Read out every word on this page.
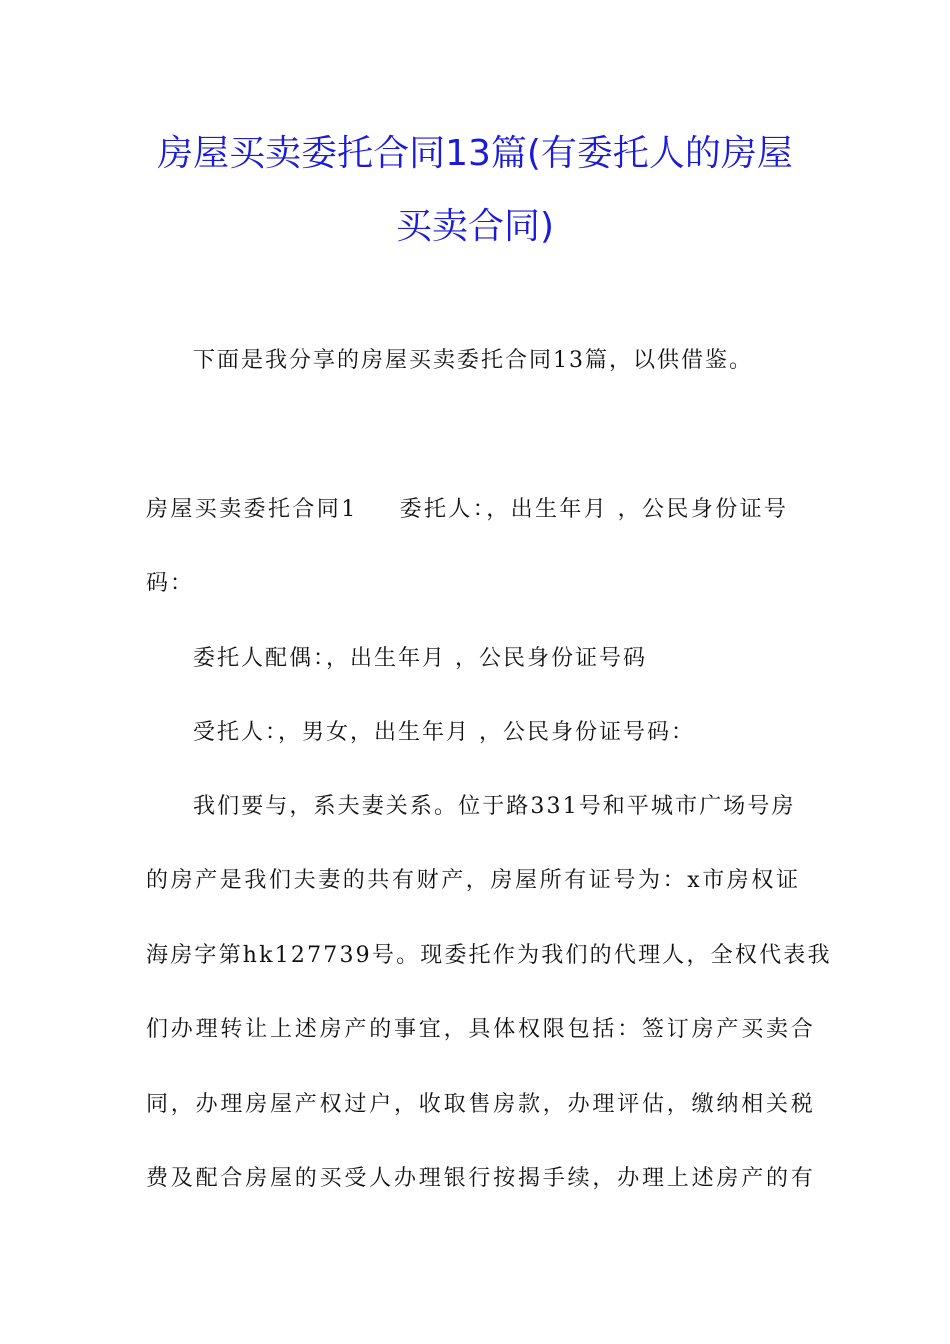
房屋买卖委托合同13篇(有委托人的房屋
买卖合同)
下面是我分享的房屋买卖委托合同13篇，以供借鉴。
房屋买卖委托合同1 委托人：，出生年月 ，公民身份证号
码：
委托人配偶：，出生年月 ，公民身份证号码
受托人：，男女，出生年月 ，公民身份证号码：
我们要与，系夫妻关系。位于路331号和平城市广场号房
的房产是我们夫妻的共有财产，房屋所有证号为：x市房权证
海房字第hk127739号。现委托作为我们的代理人，全权代表我
们办理转让上述房产的事宜，具体权限包括：签订房产买卖合
同，办理房屋产权过户，收取售房款，办理评估，缴纳相关税
费及配合房屋的买受人办理银行按揭手续，办理上述房产的有
